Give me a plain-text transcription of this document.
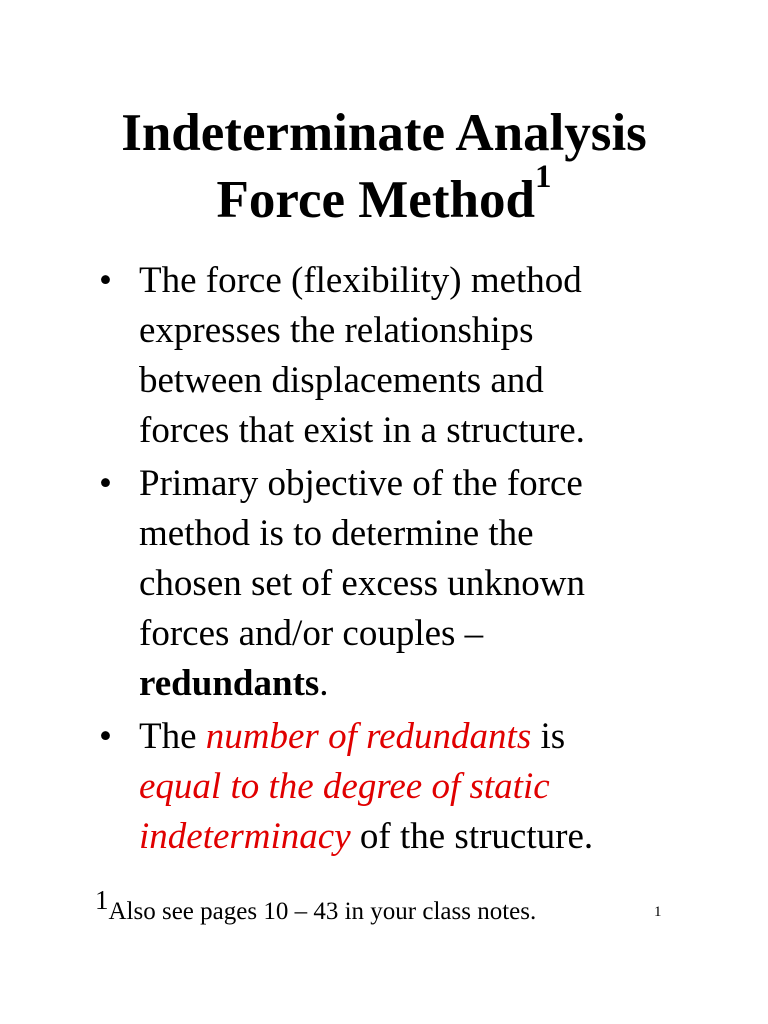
Indeterminate Analysis
Force Method$^1$
• The force (flexibility) method
expresses the relationships
between displacements and
forces that exist in a structure.
• Primary objective of the force
method is to determine the
chosen set of excess unknown
forces and/or couples –
redundants.
• The number of redundants is
equal to the degree of static
indeterminacy of the structure.
1Also see pages 10 – 43 in your class notes.	1
